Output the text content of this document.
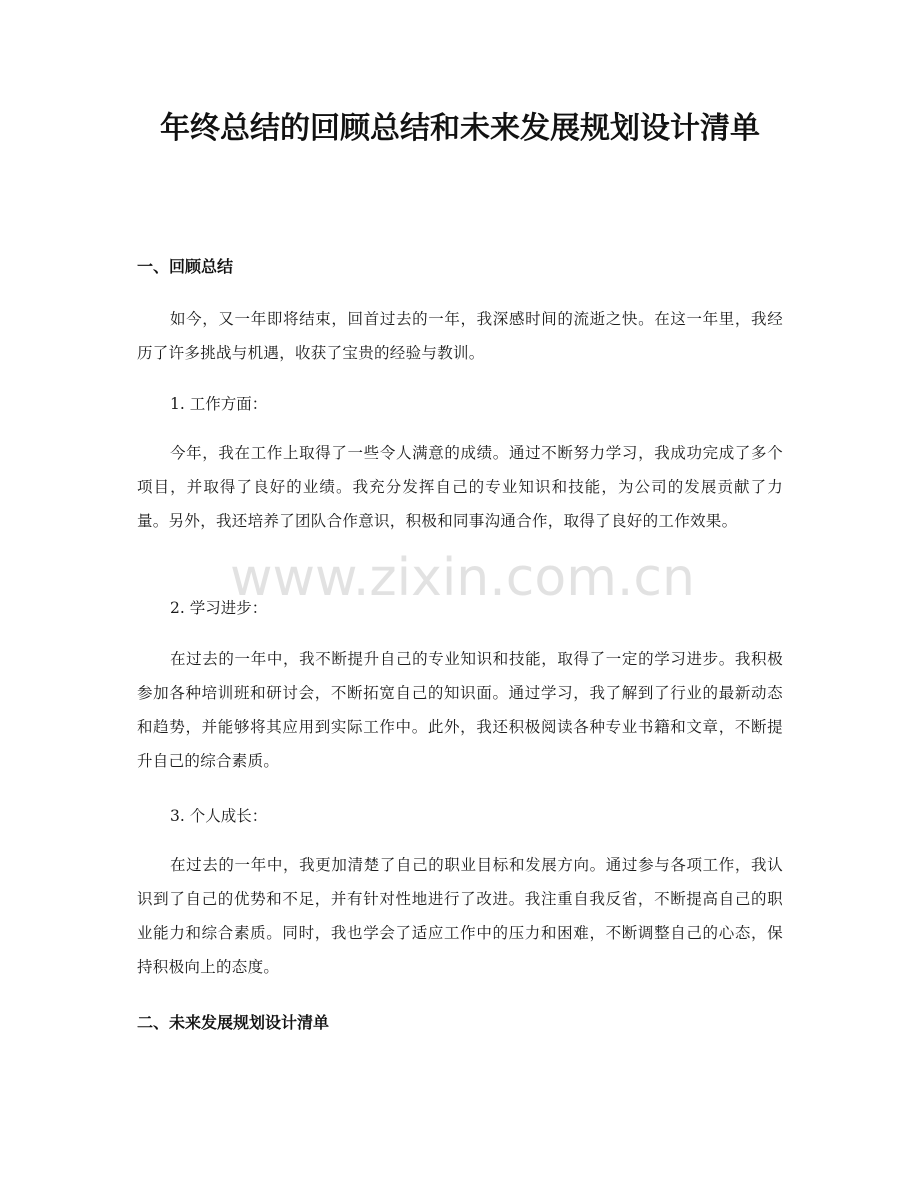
年终总结的回顾总结和未来发展规划设计清单
一、回顾总结

如今，又一年即将结束，回首过去的一年，我深感时间的流逝之快。在这一年里，我经历了许多挑战与机遇，收获了宝贵的经验与教训。

1. 工作方面：

今年，我在工作上取得了一些令人满意的成绩。通过不断努力学习，我成功完成了多个项目，并取得了良好的业绩。我充分发挥自己的专业知识和技能，为公司的发展贡献了力量。另外，我还培养了团队合作意识，积极和同事沟通合作，取得了良好的工作效果。

2. 学习进步：

在过去的一年中，我不断提升自己的专业知识和技能，取得了一定的学习进步。我积极参加各种培训班和研讨会，不断拓宽自己的知识面。通过学习，我了解到了行业的最新动态和趋势，并能够将其应用到实际工作中。此外，我还积极阅读各种专业书籍和文章，不断提升自己的综合素质。

3. 个人成长：

在过去的一年中，我更加清楚了自己的职业目标和发展方向。通过参与各项工作，我认识到了自己的优势和不足，并有针对性地进行了改进。我注重自我反省，不断提高自己的职业能力和综合素质。同时，我也学会了适应工作中的压力和困难，不断调整自己的心态，保持积极向上的态度。

二、未来发展规划设计清单
www.zixin.com.cn
